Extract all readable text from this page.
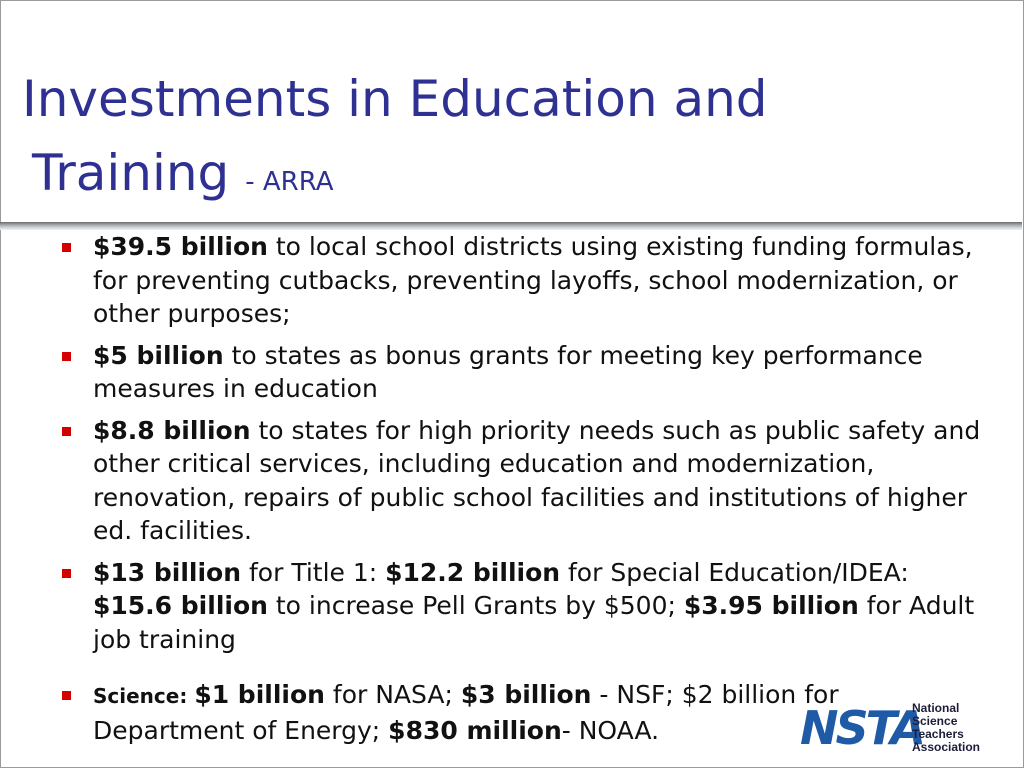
Investments in Education and
Training - ARRA
$39.5 billion to local school districts using existing funding formulas, for preventing cutbacks, preventing layoffs, school modernization, or other purposes;
$5 billion to states as bonus grants for meeting key performance measures in education
$8.8 billion to states for high priority needs such as public safety and other critical services, including education and modernization, renovation, repairs of public school facilities and institutions of higher ed. facilities.
$13 billion for Title 1: $12.2 billion for Special Education/IDEA: $15.6 billion to increase Pell Grants by $500; $3.95 billion for Adult job training
Science: $1 billion for NASA; $3 billion - NSF; $2 billion for Department of Energy; $830 million- NOAA.	NSTA
National
Science
Teachers
Association
